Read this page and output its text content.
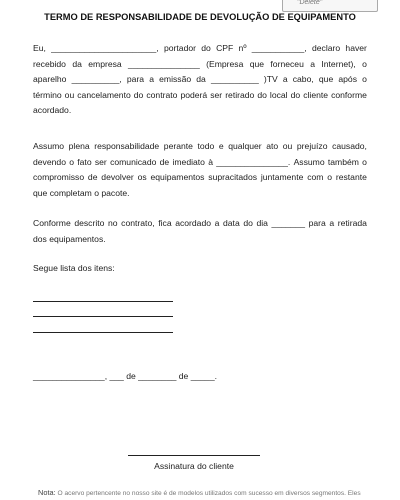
"Delete"
TERMO DE RESPONSABILIDADE DE DEVOLUÇÃO DE EQUIPAMENTO
Eu, ______________________, portador do CPF nº ___________, declaro haver
recebido da empresa _______________ (Empresa que forneceu a Internet), o
aparelho __________, para a emissão da __________ )TV a cabo, que após o
término ou cancelamento do contrato poderá ser retirado do local do cliente conforme
acordado.
Assumo plena responsabilidade perante todo e qualquer ato ou prejuízo causado,
devendo o fato ser comunicado de imediato à _______________. Assumo também o
compromisso de devolver os equipamentos supracitados juntamente com o restante
que completam o pacote.
Conforme descrito no contrato, fica acordado a data do dia _______ para a retirada
dos equipamentos.
Segue lista dos itens:
_______________, ___ de ________ de _____.
Assinatura do cliente
Nota: O acervo pertencente no nosso site é de modelos utilizados com sucesso em diversos segmentos. Eles
